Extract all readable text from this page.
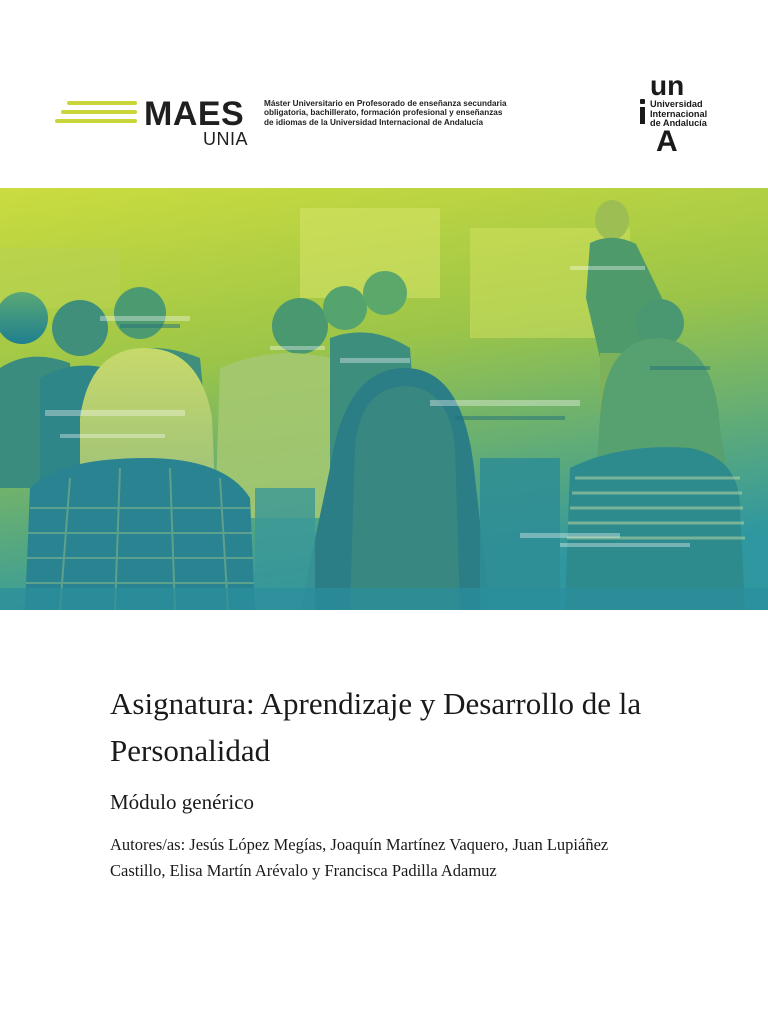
MAES
UNIA
Máster Universitario en Profesorado de enseñanza secundaria
obligatoria, bachillerato, formación profesional y enseñanzas
de idiomas de la Universidad Internacional de Andalucía
un
Universidad
Internacional
de Andalucía
A
Asignatura: Aprendizaje y Desarrollo de la Personalidad
Módulo genérico
Autores/as: Jesús López Megías, Joaquín Martínez Vaquero, Juan Lupiáñez Castillo, Elisa Martín Arévalo y Francisca Padilla Adamuz
